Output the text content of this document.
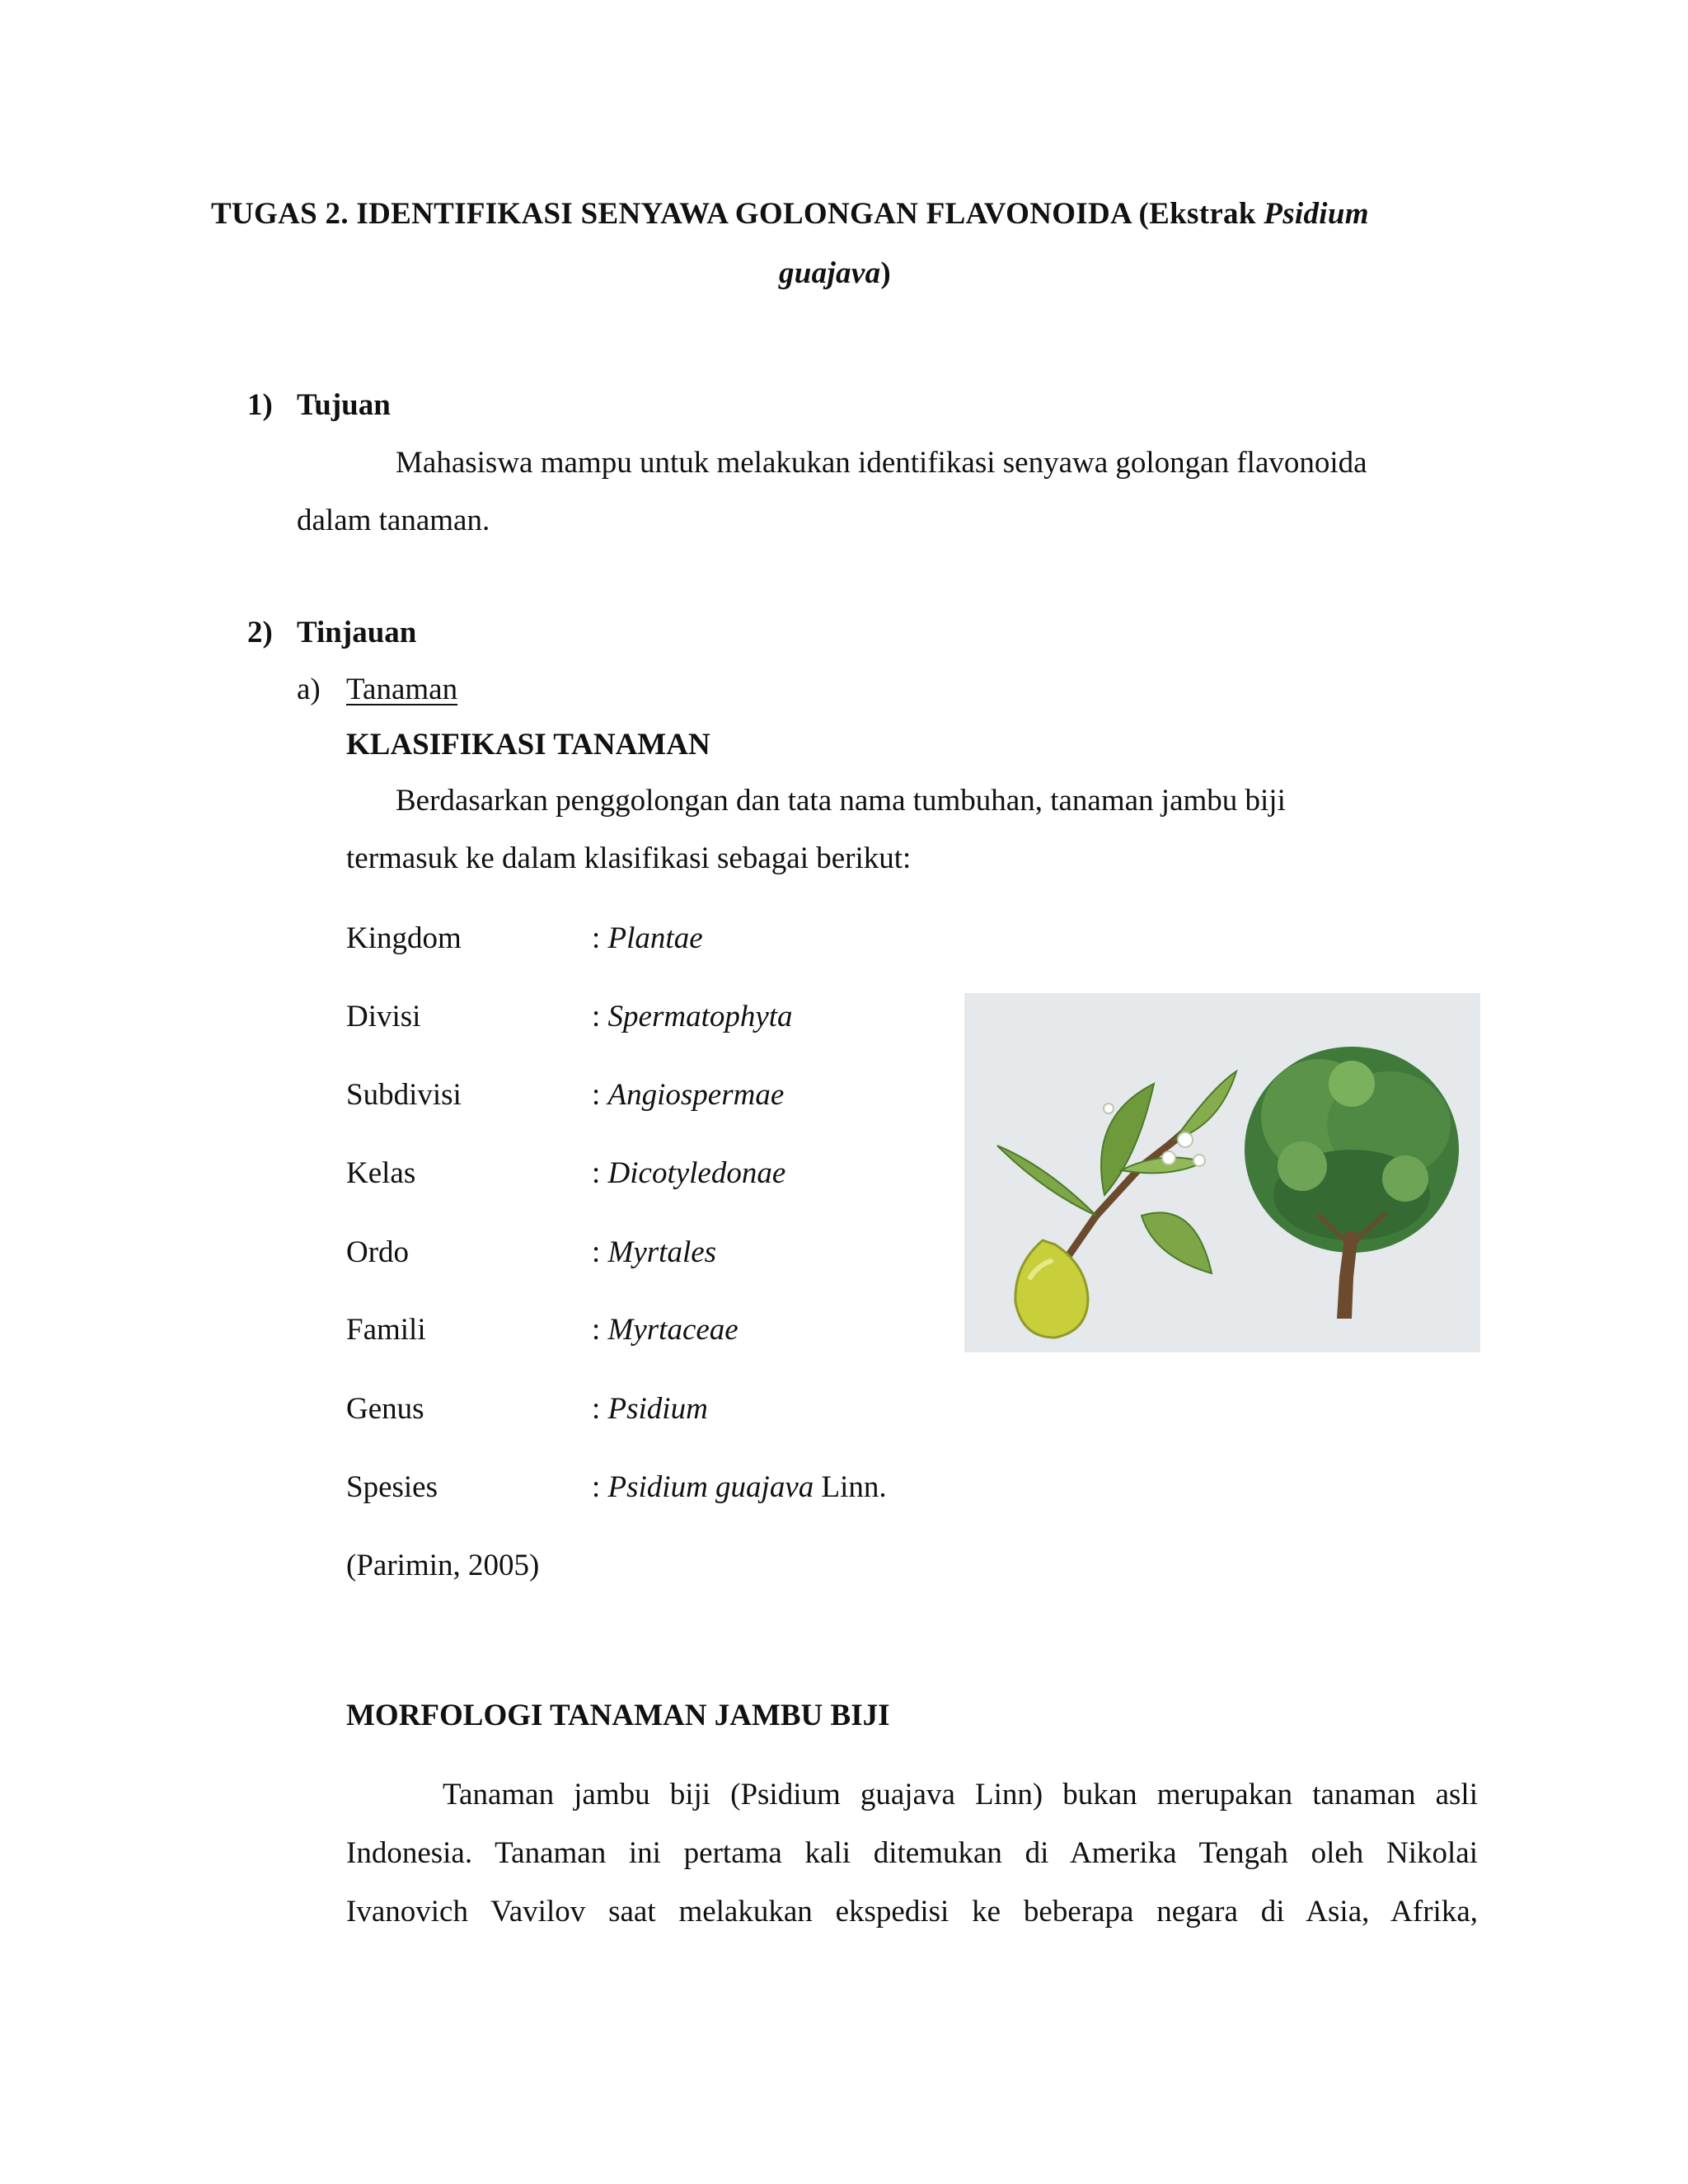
TUGAS 2. IDENTIFIKASI SENYAWA GOLONGAN FLAVONOIDA (Ekstrak Psidium
guajava)
1) Tujuan
Mahasiswa mampu untuk melakukan identifikasi senyawa golongan flavonoida
dalam tanaman.
2) Tinjauan
a) Tanaman
KLASIFIKASI TANAMAN
Berdasarkan penggolongan dan tata nama tumbuhan, tanaman jambu biji
termasuk ke dalam klasifikasi sebagai berikut:
Kingdom	: Plantae
Divisi	: Spermatophyta
Subdivisi	: Angiospermae
Kelas	: Dicotyledonae
Ordo	: Myrtales
Famili	: Myrtaceae
Genus	: Psidium
Spesies	: Psidium guajava Linn.
(Parimin, 2005)
MORFOLOGI TANAMAN JAMBU BIJI
Tanaman jambu biji (Psidium guajava Linn) bukan merupakan tanaman asli
Indonesia. Tanaman ini pertama kali ditemukan di Amerika Tengah oleh Nikolai
Ivanovich Vavilov saat melakukan ekspedisi ke beberapa negara di Asia, Afrika,
